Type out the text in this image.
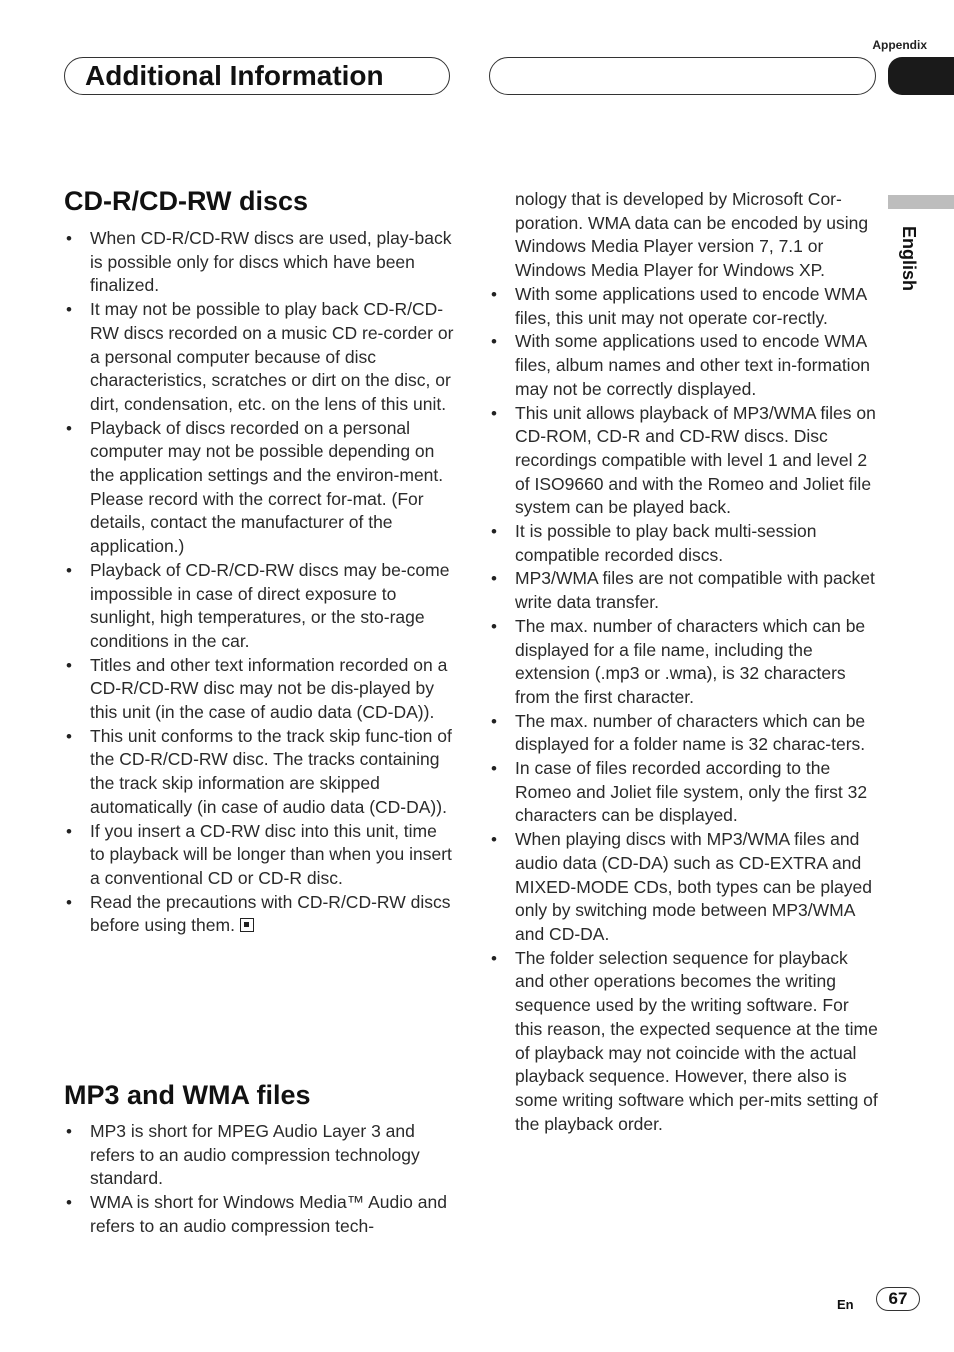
Appendix
Additional Information
English
CD-R/CD-RW discs
• When CD-R/CD-RW discs are used, play-back is possible only for discs which have been finalized.
• It may not be possible to play back CD-R/CD-RW discs recorded on a music CD re-corder or a personal computer because of disc characteristics, scratches or dirt on the disc, or dirt, condensation, etc. on the lens of this unit.
• Playback of discs recorded on a personal computer may not be possible depending on the application settings and the environ-ment. Please record with the correct for-mat. (For details, contact the manufacturer of the application.)
• Playback of CD-R/CD-RW discs may be-come impossible in case of direct exposure to sunlight, high temperatures, or the sto-rage conditions in the car.
• Titles and other text information recorded on a CD-R/CD-RW disc may not be dis-played by this unit (in the case of audio data (CD-DA)).
• This unit conforms to the track skip func-tion of the CD-R/CD-RW disc. The tracks containing the track skip information are skipped automatically (in case of audio data (CD-DA)).
• If you insert a CD-RW disc into this unit, time to playback will be longer than when you insert a conventional CD or CD-R disc.
• Read the precautions with CD-R/CD-RW discs before using them.
MP3 and WMA files
• MP3 is short for MPEG Audio Layer 3 and refers to an audio compression technology standard.
• WMA is short for Windows Media™ Audio and refers to an audio compression tech-

nology that is developed by Microsoft Cor-poration. WMA data can be encoded by using Windows Media Player version 7, 7.1 or Windows Media Player for Windows XP.

• With some applications used to encode WMA files, this unit may not operate cor-rectly.
• With some applications used to encode WMA files, album names and other text in-formation may not be correctly displayed.
• This unit allows playback of MP3/WMA files on CD-ROM, CD-R and CD-RW discs. Disc recordings compatible with level 1 and level 2 of ISO9660 and with the Romeo and Joliet file system can be played back.
• It is possible to play back multi-session compatible recorded discs.
• MP3/WMA files are not compatible with packet write data transfer.
• The max. number of characters which can be displayed for a file name, including the extension (.mp3 or .wma), is 32 characters from the first character.
• The max. number of characters which can be displayed for a folder name is 32 charac-ters.
• In case of files recorded according to the Romeo and Joliet file system, only the first 32 characters can be displayed.
• When playing discs with MP3/WMA files and audio data (CD-DA) such as CD-EXTRA and MIXED-MODE CDs, both types can be played only by switching mode between MP3/WMA and CD-DA.
• The folder selection sequence for playback and other operations becomes the writing sequence used by the writing software. For this reason, the expected sequence at the time of playback may not coincide with the actual playback sequence. However, there also is some writing software which per-mits setting of the playback order.
En	67
